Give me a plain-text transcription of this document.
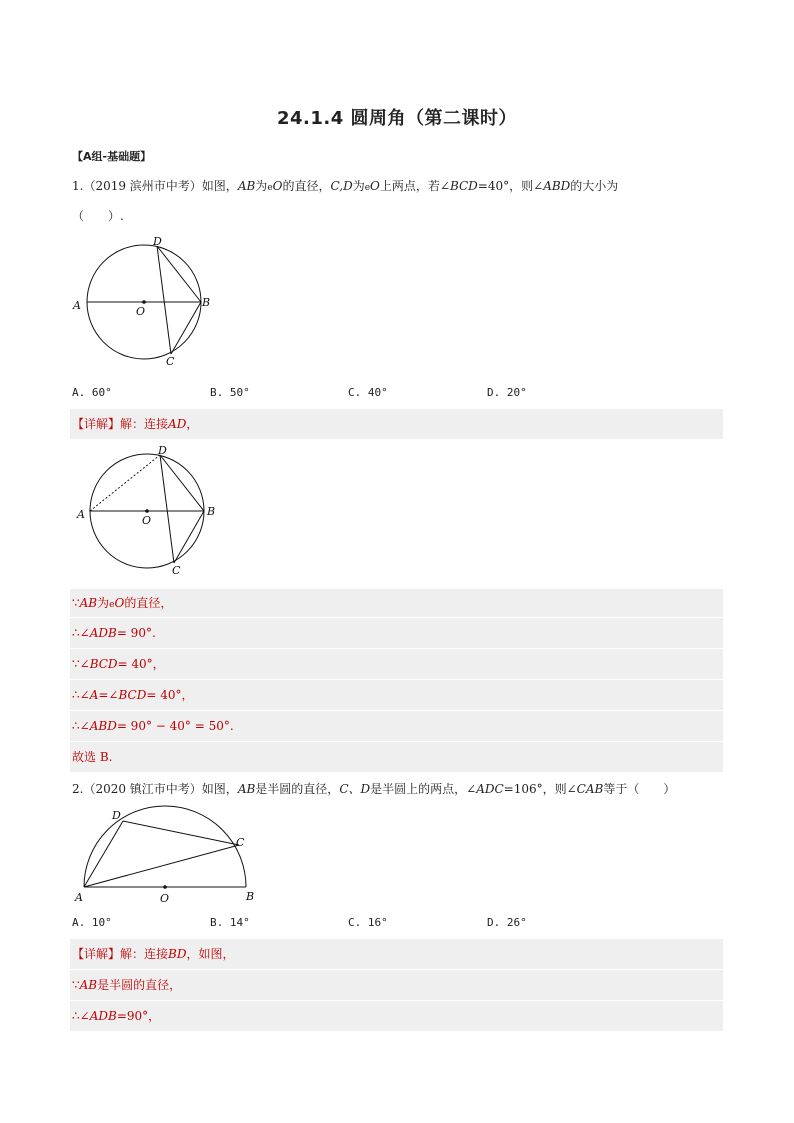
24.1.4 圆周角（第二课时）
【A组-基础题】
1.（2019 滨州市中考）如图，AB为eO的直径，C,D为eO上两点，若∠BCD=40°，则∠ABD的大小为
（　　）.
A	B
C
D
O
A. 60°	B. 50°	C. 40°	D. 20°
【详解】解：连接AD，
A	B
C
D
O
∵AB为eO的直径，
∴∠ADB= 90°.
∵∠BCD= 40°，
∴∠A=∠BCD= 40°，
∴∠ABD= 90° − 40° = 50°.
故选 B.
2.（2020 镇江市中考）如图，AB是半圆的直径，C、D是半圆上的两点，∠ADC=106°，则∠CAB等于（　　）
A	B
C
D
O
A. 10°	B. 14°	C. 16°	D. 26°
【详解】解：连接BD，如图，
∵AB是半圆的直径，
∴∠ADB=90°，
